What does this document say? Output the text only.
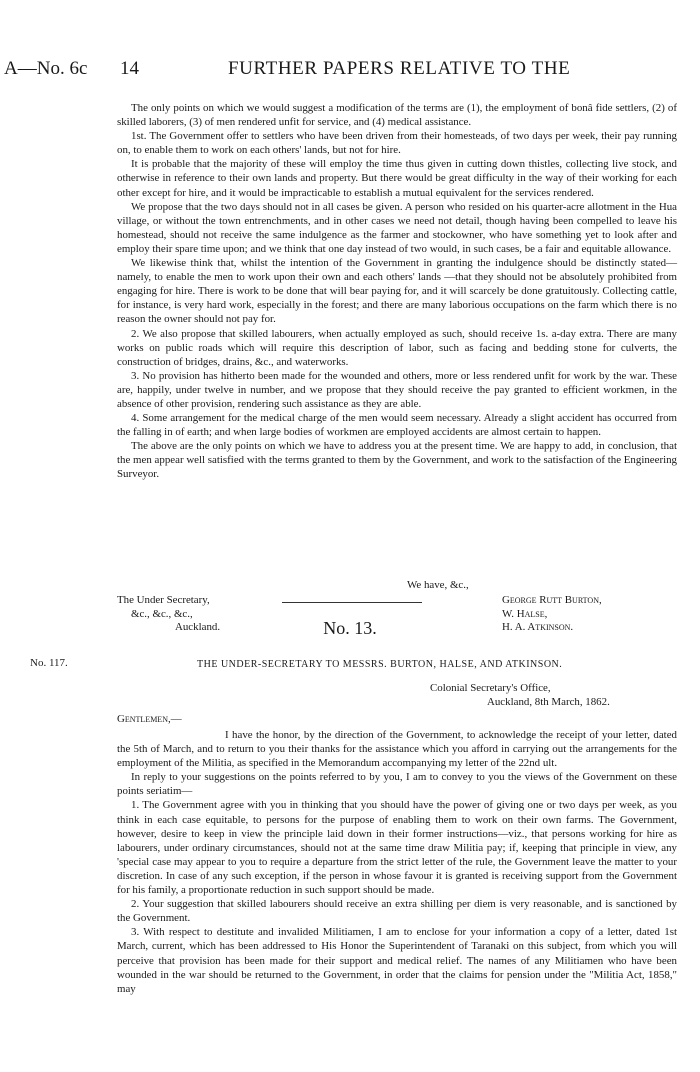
A—No. 6c 14	FURTHER PAPERS RELATIVE TO THE

The only points on which we would suggest a modification of the terms are (1), the employment of bonâ fide settlers, (2) of skilled laborers, (3) of men rendered unfit for service, and (4) medical assistance.

1st. The Government offer to settlers who have been driven from their homesteads, of two days per week, their pay running on, to enable them to work on each others' lands, but not for hire.

It is probable that the majority of these will employ the time thus given in cutting down thistles, collecting live stock, and otherwise in reference to their own lands and property. But there would be great difficulty in the way of their working for each other except for hire, and it would be impracticable to establish a mutual equivalent for the services rendered.

We propose that the two days should not in all cases be given. A person who resided on his quarter-acre allotment in the Hua village, or without the town entrenchments, and in other cases we need not detail, though having been compelled to leave his homestead, should not receive the same indulgence as the farmer and stockowner, who have something yet to look after and employ their spare time upon; and we think that one day instead of two would, in such cases, be a fair and equitable allowance.

We likewise think that, whilst the intention of the Government in granting the indulgence should be distinctly stated—namely, to enable the men to work upon their own and each others' lands —that they should not be absolutely prohibited from engaging for hire. There is work to be done that will bear paying for, and it will scarcely be done gratuitously. Collecting cattle, for instance, is very hard work, especially in the forest; and there are many laborious occupations on the farm which there is no reason the owner should not pay for.

2. We also propose that skilled labourers, when actually employed as such, should receive 1s. a-day extra. There are many works on public roads which will require this description of labor, such as facing and bedding stone for culverts, the construction of bridges, drains, &c., and waterworks.

3. No provision has hitherto been made for the wounded and others, more or less rendered unfit for work by the war. These are, happily, under twelve in number, and we propose that they should receive the pay granted to efficient workmen, in the absence of other provision, rendering such assistance as they are able.

4. Some arrangement for the medical charge of the men would seem necessary. Already a slight accident has occurred from the falling in of earth; and when large bodies of workmen are employed accidents are almost certain to happen.

The above are the only points on which we have to address you at the present time. We are happy to add, in conclusion, that the men appear well satisfied with the terms granted to them by the Government, and work to the satisfaction of the Engineering Surveyor.

We have, &c.,
The Under Secretary,
&c., &c., &c.,
Auckland.
George Rutt Burton,
W. Halse,
H. A. Atkinson.
No. 13.
No. 117.	THE UNDER-SECRETARY TO MESSRS. BURTON, HALSE, AND ATKINSON.
Colonial Secretary's Office,
Auckland, 8th March, 1862.
Gentlemen,—

I have the honor, by the direction of the Government, to acknowledge the receipt of your letter, dated the 5th of March, and to return to you their thanks for the assistance which you afford in carrying out the arrangements for the employment of the Militia, as specified in the Memorandum accompanying my letter of the 22nd ult.

In reply to your suggestions on the points referred to by you, I am to convey to you the views of the Government on these points seriatim—

1. The Government agree with you in thinking that you should have the power of giving one or two days per week, as you think in each case equitable, to persons for the purpose of enabling them to work on their own farms. The Government, however, desire to keep in view the principle laid down in their former instructions—viz., that persons working for hire as labourers, under ordinary circumstances, should not at the same time draw Militia pay; if, keeping that principle in view, any 'special case may appear to you to require a departure from the strict letter of the rule, the Government leave the matter to your discretion. In case of any such exception, if the person in whose favour it is granted is receiving support from the Government for his family, a proportionate reduction in such support should be made.

2. Your suggestion that skilled labourers should receive an extra shilling per diem is very reasonable, and is sanctioned by the Government.

3. With respect to destitute and invalided Militiamen, I am to enclose for your information a copy of a letter, dated 1st March, current, which has been addressed to His Honor the Superintendent of Taranaki on this subject, from which you will perceive that provision has been made for their support and medical relief. The names of any Militiamen who have been wounded in the war should be returned to the Government, in order that the claims for pension under the "Militia Act, 1858," may
